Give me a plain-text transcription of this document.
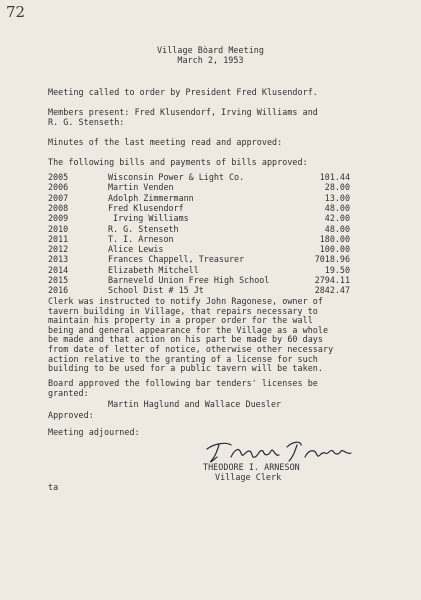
72
Village Bòard Meeting
March 2, 1953
Meeting called to order by President Fred Klusendorf.
Members present: Fred Klusendorf, Irving Williams and
R. G. Stenseth:
Minutes of the last meeting read and approved:
The following bills and payments of bills approved:
2005	Wisconsin Power & Light Co.	101.44
2006	Martin Venden	28.00
2007	Adolph Zimmermann	13.00
2008	Fred Klusendorf	48.00
2009	Irving Williams	42.00
2010	R. G. Stenseth	48.00
2011	T. I. Arneson	180.00
2012	Alice Lewis	100.00
2013	Frances Chappell, Treasurer	7018.96
2014	Elizabeth Mitchell	19.50
2015	Barneveld Union Free High School	2794.11
2016	School Dist # 15 Jt	2842.47
Clerk was instructed to notify John Ragonese, owner of
tavern building in Village, that repairs necessary to
maintain his property in a proper order for the wall
being and general appearance for the Village as a whole
be made and that action on his part be made by 60 days
from date of letter of notice, otherwise other necessary
action relative to the granting of a license for such
building to be used for a public tavern will be taken.
Board approved the following bar tenders' licenses be
granted:
Martin Haglund and Wallace Duesler
Approved:
Meeting adjourned:
THEODORE I. ARNESON
Village Clerk
ta
